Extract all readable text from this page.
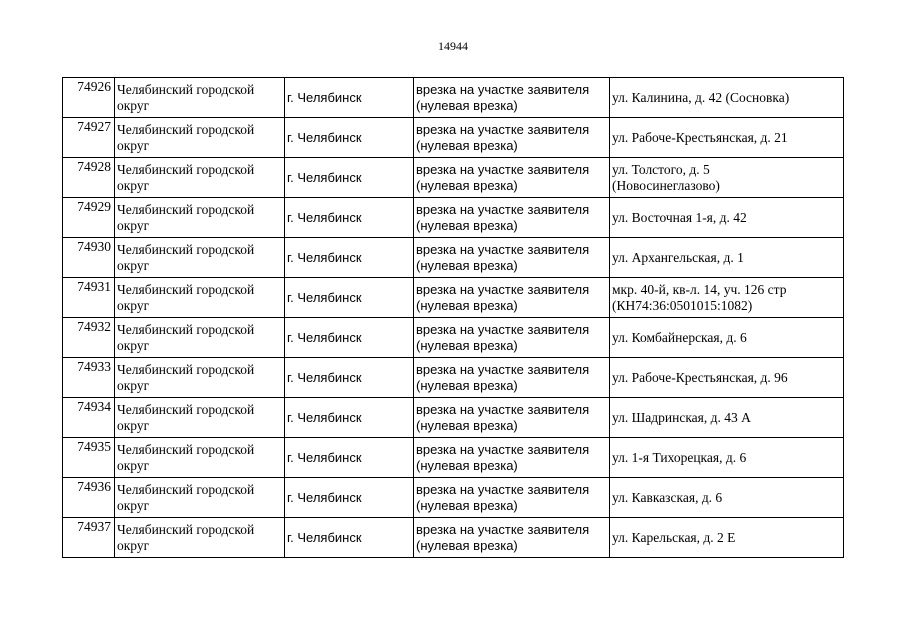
14944
74926	Челябинский городской
округ	г. Челябинск	врезка на участке заявителя
(нулевая врезка)	ул. Калинина, д. 42 (Сосновка)
74927	Челябинский городской
округ	г. Челябинск	врезка на участке заявителя
(нулевая врезка)	ул. Рабоче-Крестьянская, д. 21
74928	Челябинский городской
округ	г. Челябинск	врезка на участке заявителя
(нулевая врезка)	ул. Толстого, д. 5
(Новосинеглазово)
74929	Челябинский городской
округ	г. Челябинск	врезка на участке заявителя
(нулевая врезка)	ул. Восточная 1-я, д. 42
74930	Челябинский городской
округ	г. Челябинск	врезка на участке заявителя
(нулевая врезка)	ул. Архангельская, д. 1
74931	Челябинский городской
округ	г. Челябинск	врезка на участке заявителя
(нулевая врезка)	мкр. 40-й, кв-л. 14, уч. 126 стр
(КН74:36:0501015:1082)
74932	Челябинский городской
округ	г. Челябинск	врезка на участке заявителя
(нулевая врезка)	ул. Комбайнерская, д. 6
74933	Челябинский городской
округ	г. Челябинск	врезка на участке заявителя
(нулевая врезка)	ул. Рабоче-Крестьянская, д. 96
74934	Челябинский городской
округ	г. Челябинск	врезка на участке заявителя
(нулевая врезка)	ул. Шадринская, д. 43 А
74935	Челябинский городской
округ	г. Челябинск	врезка на участке заявителя
(нулевая врезка)	ул. 1-я Тихорецкая, д. 6
74936	Челябинский городской
округ	г. Челябинск	врезка на участке заявителя
(нулевая врезка)	ул. Кавказская, д. 6
74937	Челябинский городской
округ	г. Челябинск	врезка на участке заявителя
(нулевая врезка)	ул. Карельская, д. 2 Е
